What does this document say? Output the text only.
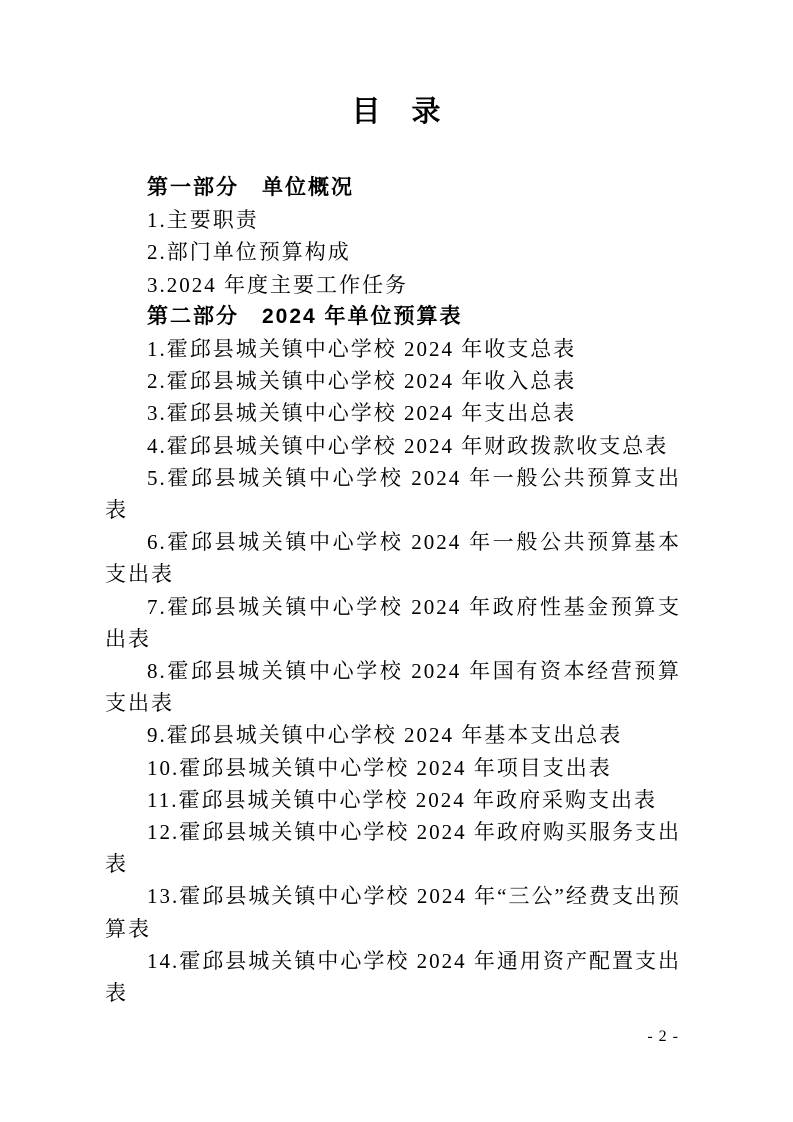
目　录

第一部分　单位概况

1.主要职责

2.部门单位预算构成

3.2024 年度主要工作任务

第二部分　2024 年单位预算表

1.霍邱县城关镇中心学校 2024 年收支总表

2.霍邱县城关镇中心学校 2024 年收入总表

3.霍邱县城关镇中心学校 2024 年支出总表

4.霍邱县城关镇中心学校 2024 年财政拨款收支总表

5.霍邱县城关镇中心学校 2024 年一般公共预算支出表

6.霍邱县城关镇中心学校 2024 年一般公共预算基本支出表

7.霍邱县城关镇中心学校 2024 年政府性基金预算支出表

8.霍邱县城关镇中心学校 2024 年国有资本经营预算支出表

9.霍邱县城关镇中心学校 2024 年基本支出总表

10.霍邱县城关镇中心学校 2024 年项目支出表

11.霍邱县城关镇中心学校 2024 年政府采购支出表

12.霍邱县城关镇中心学校 2024 年政府购买服务支出表

13.霍邱县城关镇中心学校 2024 年“三公”经费支出预算表

14.霍邱县城关镇中心学校 2024 年通用资产配置支出表

- 2 -
